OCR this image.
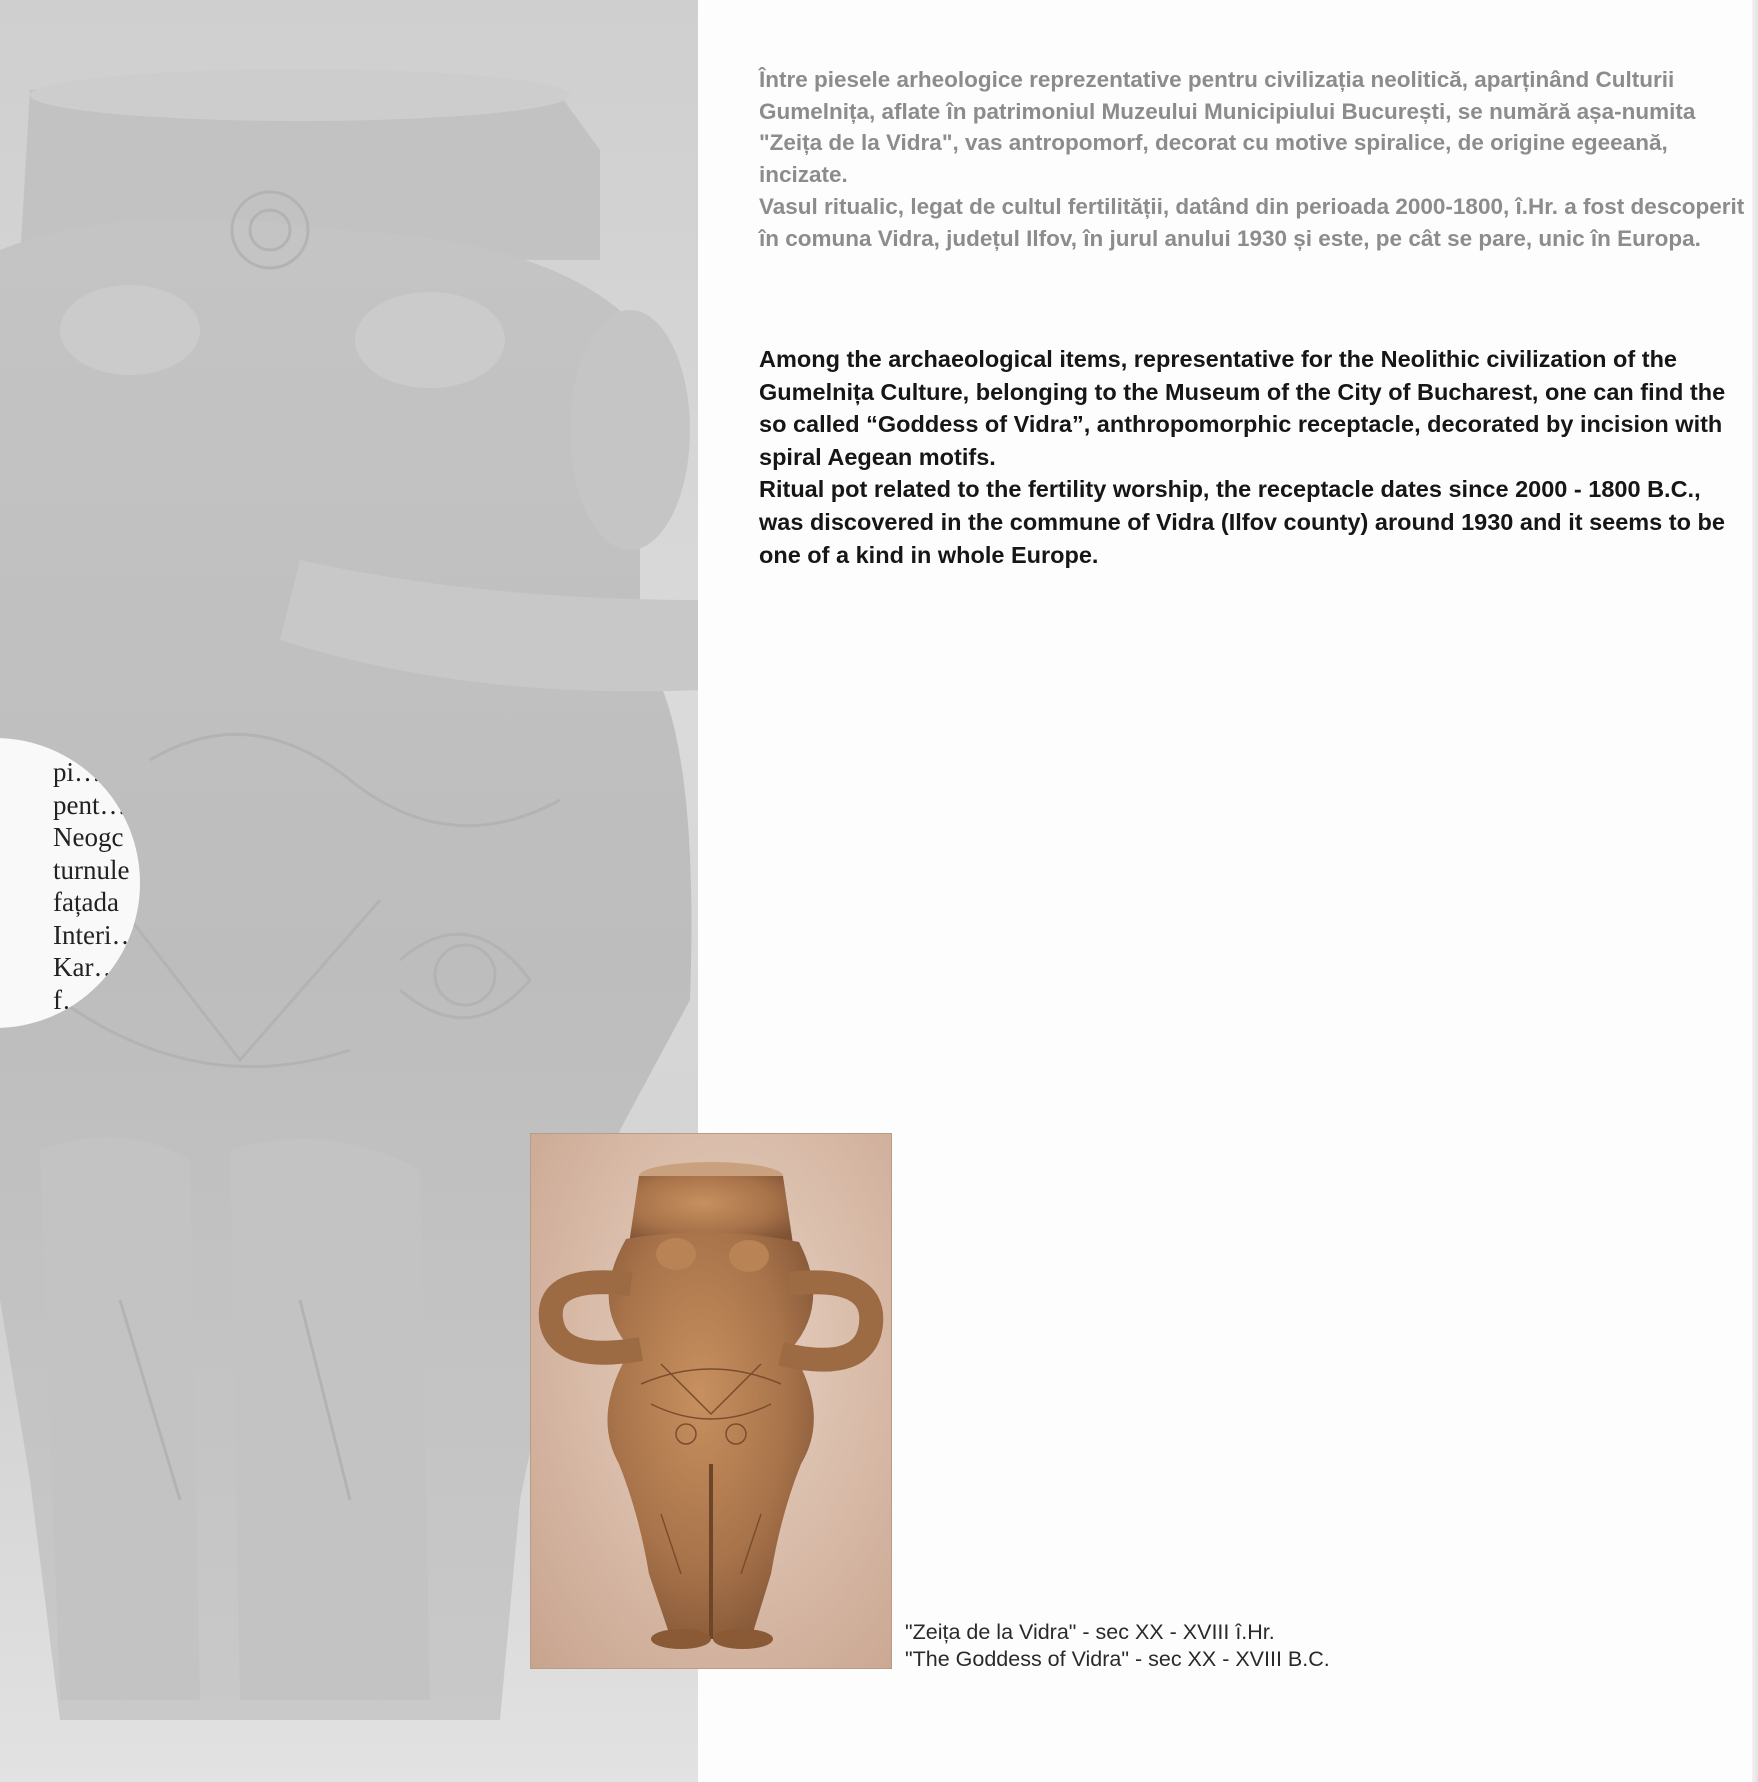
pi…
pent…
Neogc
turnule
fațada
Interi…
Kar…
f…

Între piesele arheologice reprezentative pentru civilizația neolitică, aparținând Culturii Gumelnița, aflate în patrimoniul Muzeului Municipiului București, se numără așa-numita "Zeița de la Vidra", vas antropomorf, decorat cu motive spiralice, de origine egeeană, incizate.

Vasul ritualic, legat de cultul fertilității, datând din perioada 2000-1800, î.Hr. a fost descoperit în comuna Vidra, județul Ilfov, în jurul anului 1930 și este, pe cât se pare, unic în Europa.

Among the archaeological items, representative for the Neolithic civilization of the Gumelnița Culture, belonging to the Museum of the City of Bucharest, one can find the so called “Goddess of Vidra”, anthropomorphic receptacle, decorated by incision with spiral Aegean motifs.

Ritual pot related to the fertility worship, the receptacle dates since 2000 - 1800 B.C., was discovered in the commune of Vidra (Ilfov county) around 1930 and it seems to be one of a kind in whole Europe.

"Zeița de la Vidra" - sec XX - XVIII î.Hr.
"The Goddess of Vidra" - sec XX - XVIII B.C.
